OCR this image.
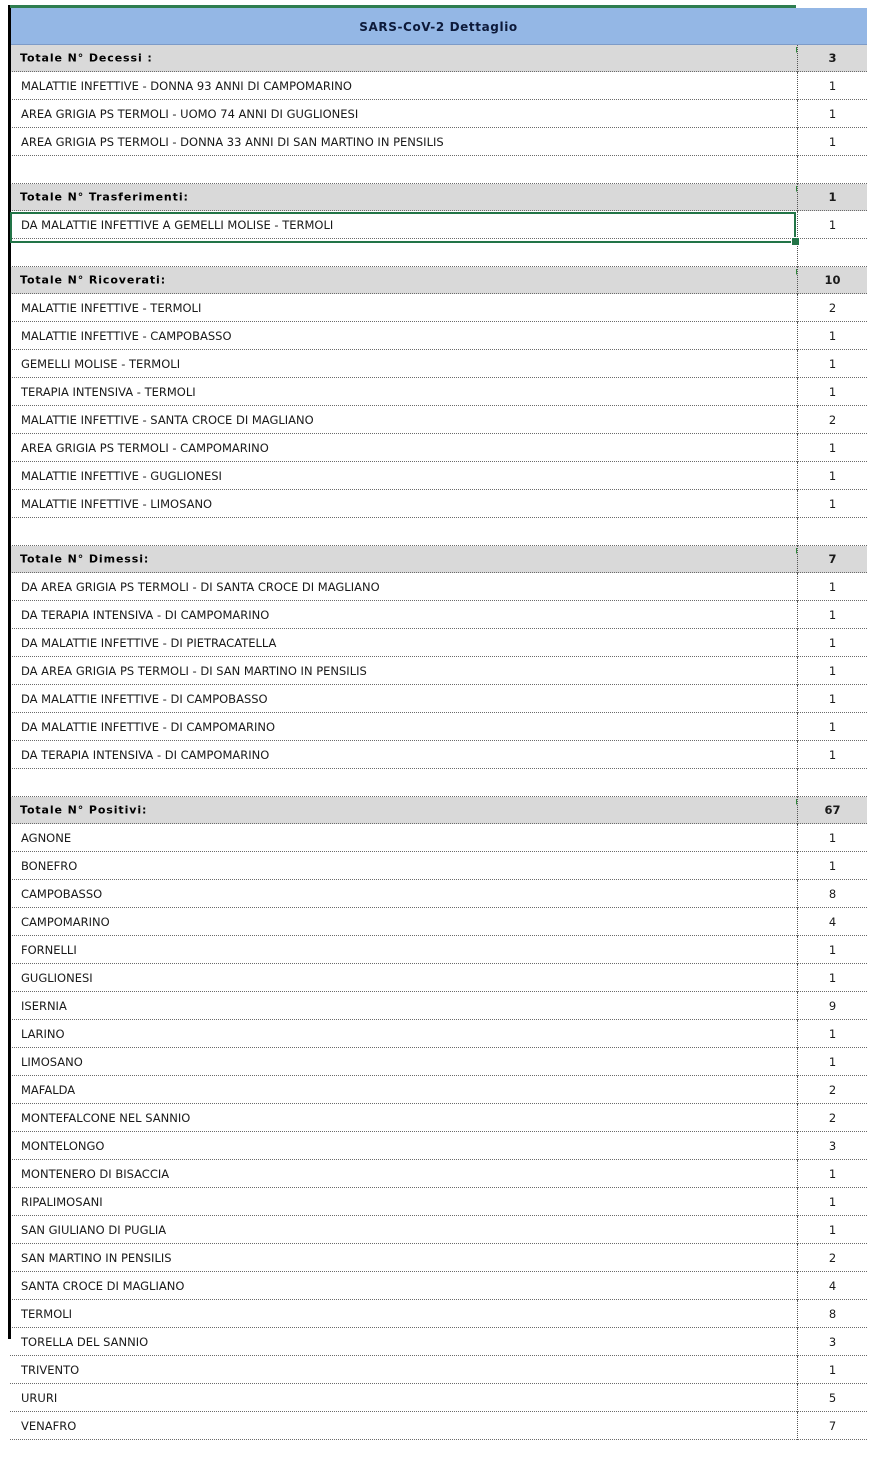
SARS-CoV-2 Dettaglio
Totale N° Decessi :	3
MALATTIE INFETTIVE - DONNA 93 ANNI DI CAMPOMARINO	1
AREA GRIGIA PS TERMOLI - UOMO 74 ANNI DI GUGLIONESI	1
AREA GRIGIA PS TERMOLI - DONNA 33 ANNI DI SAN MARTINO IN PENSILIS	1
Totale N° Trasferimenti:	1
DA MALATTIE INFETTIVE A GEMELLI MOLISE - TERMOLI	1
Totale N° Ricoverati:	10
MALATTIE INFETTIVE - TERMOLI	2
MALATTIE INFETTIVE - CAMPOBASSO	1
GEMELLI MOLISE - TERMOLI	1
TERAPIA INTENSIVA - TERMOLI	1
MALATTIE INFETTIVE - SANTA CROCE DI MAGLIANO	2
AREA GRIGIA PS TERMOLI - CAMPOMARINO	1
MALATTIE INFETTIVE - GUGLIONESI	1
MALATTIE INFETTIVE - LIMOSANO	1
Totale N° Dimessi:	7
DA AREA GRIGIA PS TERMOLI - DI SANTA CROCE DI MAGLIANO	1
DA TERAPIA INTENSIVA - DI CAMPOMARINO	1
DA MALATTIE INFETTIVE - DI PIETRACATELLA	1
DA AREA GRIGIA PS TERMOLI - DI SAN MARTINO IN PENSILIS	1
DA MALATTIE INFETTIVE - DI CAMPOBASSO	1
DA MALATTIE INFETTIVE - DI CAMPOMARINO	1
DA TERAPIA INTENSIVA - DI CAMPOMARINO	1
Totale N° Positivi:	67
AGNONE	1
BONEFRO	1
CAMPOBASSO	8
CAMPOMARINO	4
FORNELLI	1
GUGLIONESI	1
ISERNIA	9
LARINO	1
LIMOSANO	1
MAFALDA	2
MONTEFALCONE NEL SANNIO	2
MONTELONGO	3
MONTENERO DI BISACCIA	1
RIPALIMOSANI	1
SAN GIULIANO DI PUGLIA	1
SAN MARTINO IN PENSILIS	2
SANTA CROCE DI MAGLIANO	4
TERMOLI	8
TORELLA DEL SANNIO	3
TRIVENTO	1
URURI	5
VENAFRO	7
